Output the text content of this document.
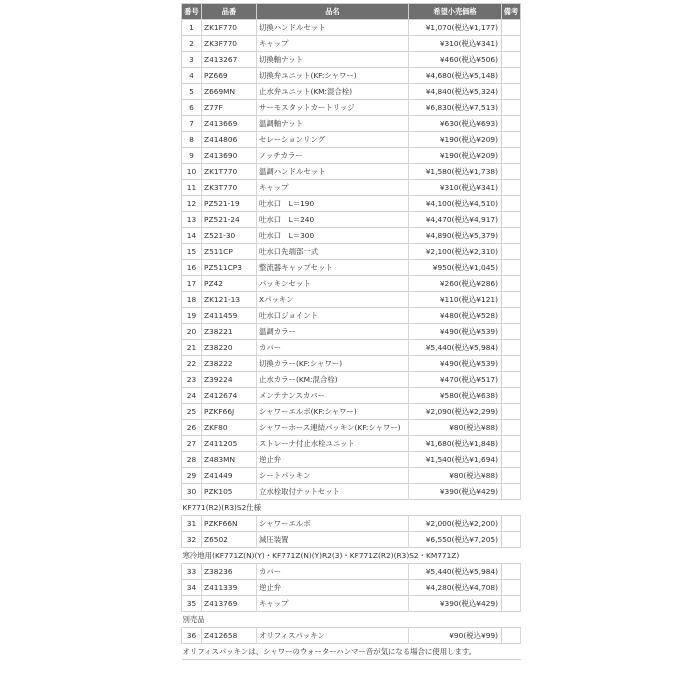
番号	品番	品名	希望小売価格	備考
1	ZK1F770	切換ハンドルセット	¥1,070(税込¥1,177)	
2	ZK3F770	キャップ	¥310(税込¥341)	
3	Z413267	切換軸ナット	¥460(税込¥506)	
4	PZ669	切換弁ユニット(KF:シャワー)	¥4,680(税込¥5,148)	
5	Z669MN	止水弁ユニット(KM:混合栓)	¥4,840(税込¥5,324)	
6	Z77F	サーモスタットカートリッジ	¥6,830(税込¥7,513)	
7	Z413669	温調軸ナット	¥630(税込¥693)	
8	Z414806	セレーションリング	¥190(税込¥209)	
9	Z413690	ノッチカラー	¥190(税込¥209)	
10	ZK1T770	温調ハンドルセット	¥1,580(税込¥1,738)	
11	ZK3T770	キャップ	¥310(税込¥341)	
12	PZ521-19	吐水口　L＝190	¥4,100(税込¥4,510)	
13	PZ521-24	吐水口　L＝240	¥4,470(税込¥4,917)	
14	Z521-30	吐水口　L＝300	¥4,890(税込¥5,379)	
15	Z511CP	吐水口先端部一式	¥2,100(税込¥2,310)	
16	PZ511CP3	整流器キャップセット	¥950(税込¥1,045)	
17	PZ42	パッキンセット	¥260(税込¥286)	
18	ZK121-13	Xパッキン	¥110(税込¥121)	
19	Z411459	吐水口ジョイント	¥480(税込¥528)	
20	Z38221	温調カラー	¥490(税込¥539)	
21	Z38220	カバー	¥5,440(税込¥5,984)	
22	Z38222	切換カラー(KF:シャワー)	¥490(税込¥539)	
23	Z39224	止水カラー(KM:混合栓)	¥470(税込¥517)	
24	Z412674	メンテナンスカバー	¥580(税込¥638)	
25	PZKF66J	シャワーエルボ(KF:シャワー)	¥2,090(税込¥2,299)	
26	ZKF80	シャワーホース連結パッキン(KF:シャワー)	¥80(税込¥88)	
27	Z411205	ストレーナ付止水栓ユニット	¥1,680(税込¥1,848)	
28	Z483MN	逆止弁	¥1,540(税込¥1,694)	
29	Z41449	シートパッキン	¥80(税込¥88)	
30	PZK105	立水栓取付ナットセット	¥390(税込¥429)	
KF771(R2)(R3)S2仕様				
31	PZKF66N	シャワーエルボ	¥2,000(税込¥2,200)	
32	Z6502	減圧装置	¥6,550(税込¥7,205)	
寒冷地用(KF771Z(N)(Y)・KF771Z(N)(Y)R2(3)・KF771Z(R2)(R3)S2・KM771Z)				
33	Z38236	カバー	¥5,440(税込¥5,984)	
34	Z411339	逆止弁	¥4,280(税込¥4,708)	
35	Z413769	キャップ	¥390(税込¥429)	
別売品				
36	Z412658	オリフィスパッキン	¥90(税込¥99)	
オリフィスパッキンは、シャワーのウォーターハンマー音が気になる場合に使用します。				
